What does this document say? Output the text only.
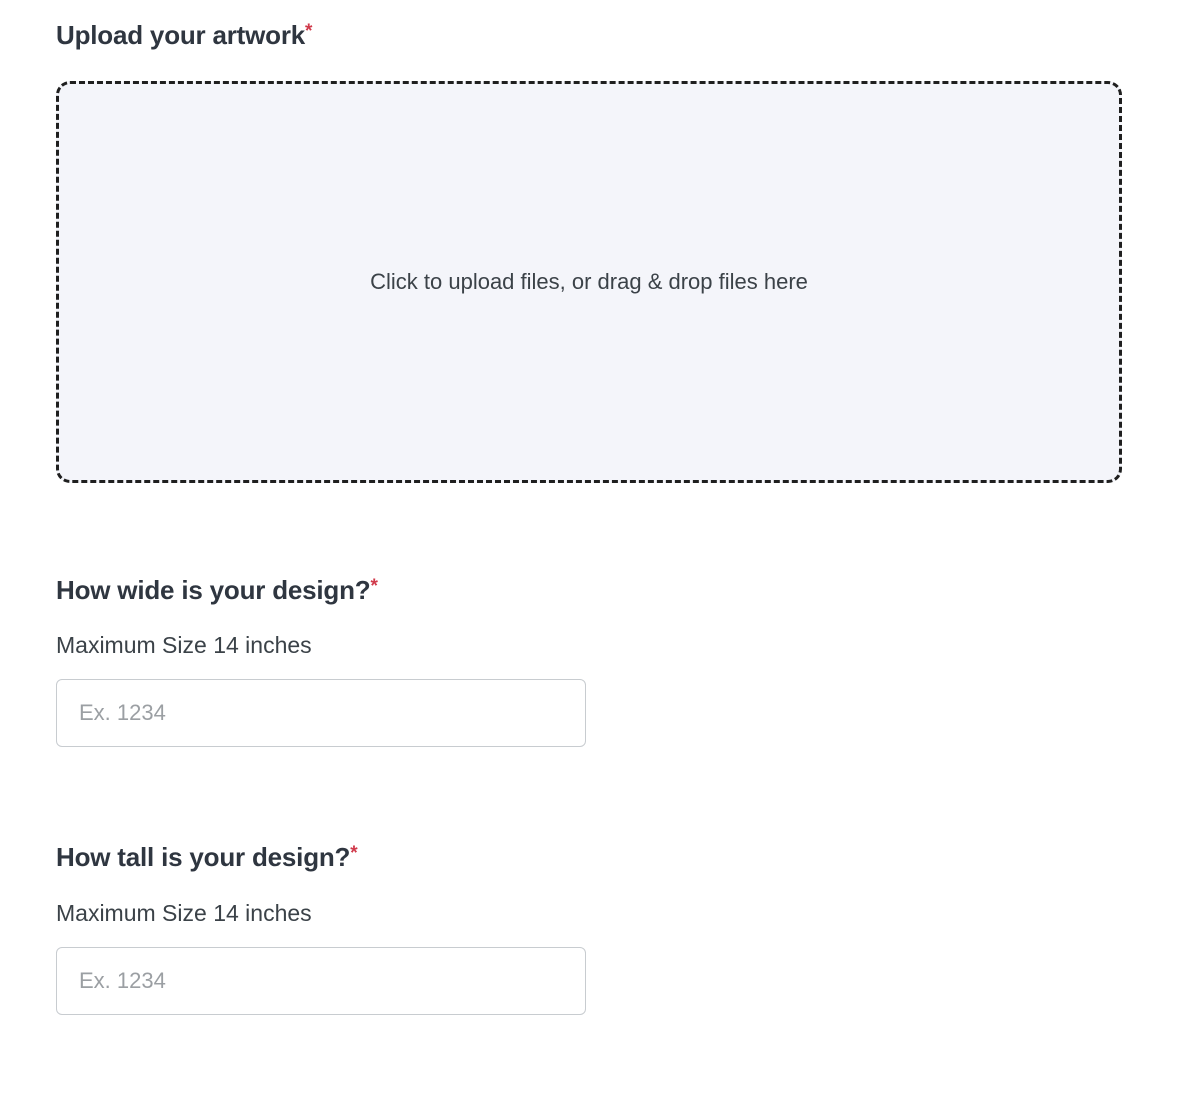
Upload your artwork*
Click to upload files, or drag & drop files here
How wide is your design?*
Maximum Size 14 inches
Ex. 1234
How tall is your design?*
Maximum Size 14 inches
Ex. 1234
